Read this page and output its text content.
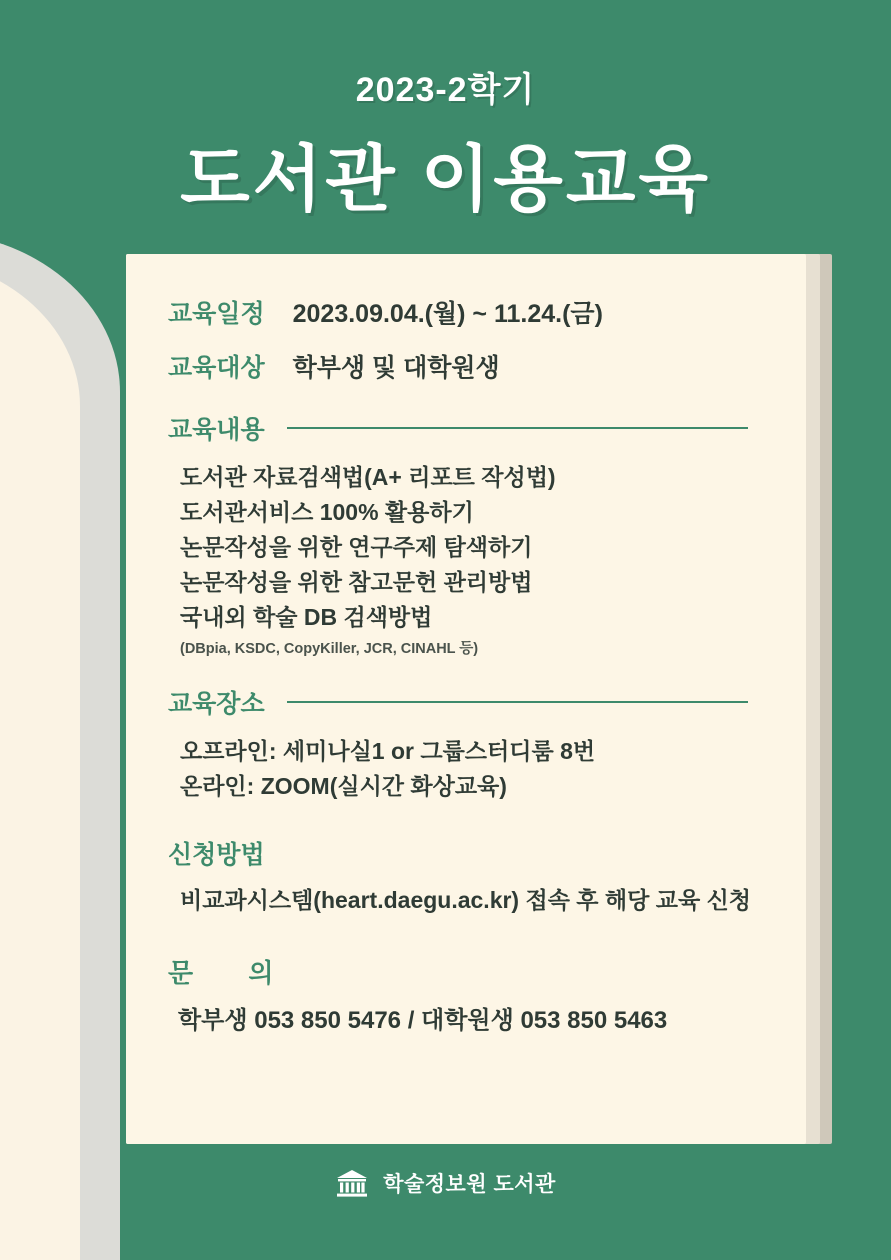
2023-2학기
도서관 이용교육
교육일정 2023.09.04.(월) ~ 11.24.(금)
교육대상 학부생 및 대학원생
교육내용
도서관 자료검색법(A+ 리포트 작성법)
도서관서비스 100% 활용하기
논문작성을 위한 연구주제 탐색하기
논문작성을 위한 참고문헌 관리방법
국내외 학술 DB 검색방법
(DBpia, KSDC, CopyKiller, JCR, CINAHL 등)
교육장소
오프라인: 세미나실1 or 그룹스터디룸 8번
온라인: ZOOM(실시간 화상교육)
신청방법
비교과시스템(heart.daegu.ac.kr) 접속 후 해당 교육 신청
문 의
학부생 053 850 5476 / 대학원생 053 850 5463
학술정보원 도서관
